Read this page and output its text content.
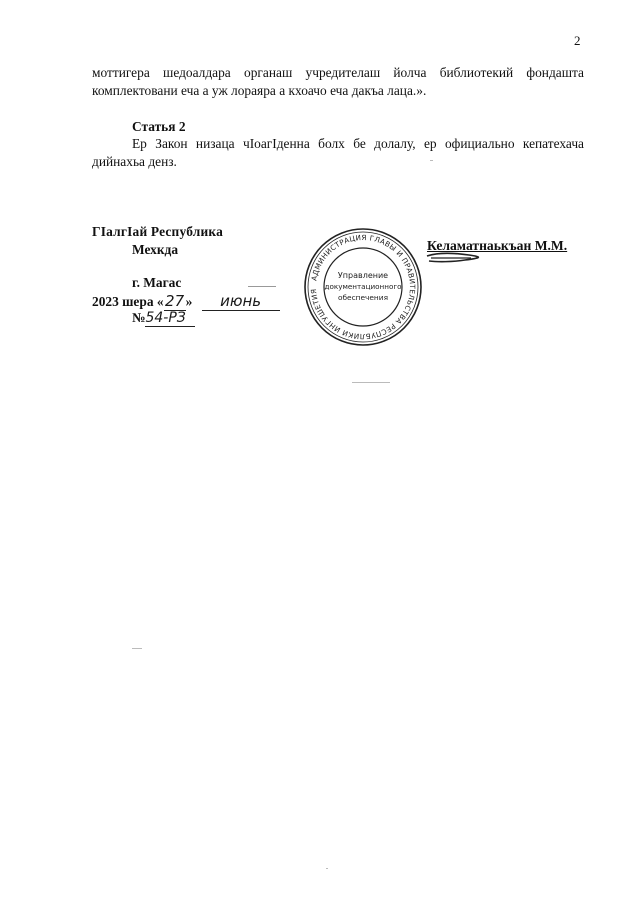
2
моттигера шедоалдара органаш учредителаш йолча библиотекий фондашта комплектовани еча а уж лораяра а кхоачо еча дакъа лаца.».
Статья 2
Ер Закон низаца чIоагIденна болх бе долалу, ер официально кепатехача дийнахьа денз.
ГIалгIай Республика
Мехкда
г. Магас
2023 шера «27» июнь
№54-РЗ
АДМИНИСТРАЦИЯ ГЛАВЫ И ПРАВИТЕЛЬСТВА РЕСПУБЛИКИ ИНГУШЕТИЯ
Управление
документационного
обеспечения
Келаматнаькъан М.М.
